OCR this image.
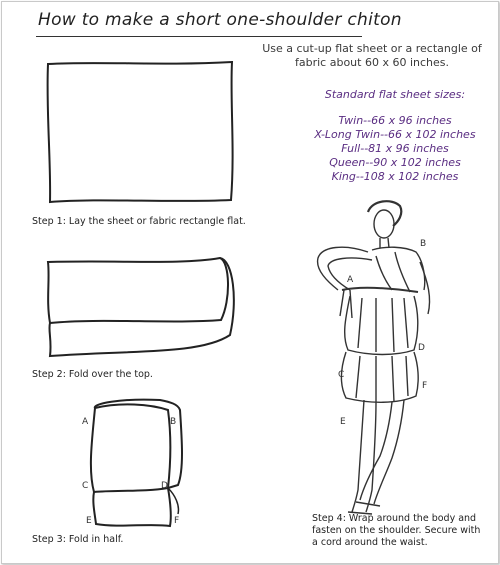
How to make a short one-shoulder chiton
Use a cut-up flat sheet or a rectangle of fabric about 60 x 60 inches.
Standard flat sheet sizes:
Twin--66 x 96 inches
X-Long Twin--66 x 102 inches
Full--81 x 96 inches
Queen--90 x 102 inches
King--108 x 102 inches
A	B
C	D
E	F
B
A
D
C
F
E
Step 1: Lay the sheet or fabric rectangle flat.
Step 2: Fold over the top.
Step 3: Fold in half.
Step 4: Wrap around the body and fasten on the shoulder. Secure with a cord around the waist.
